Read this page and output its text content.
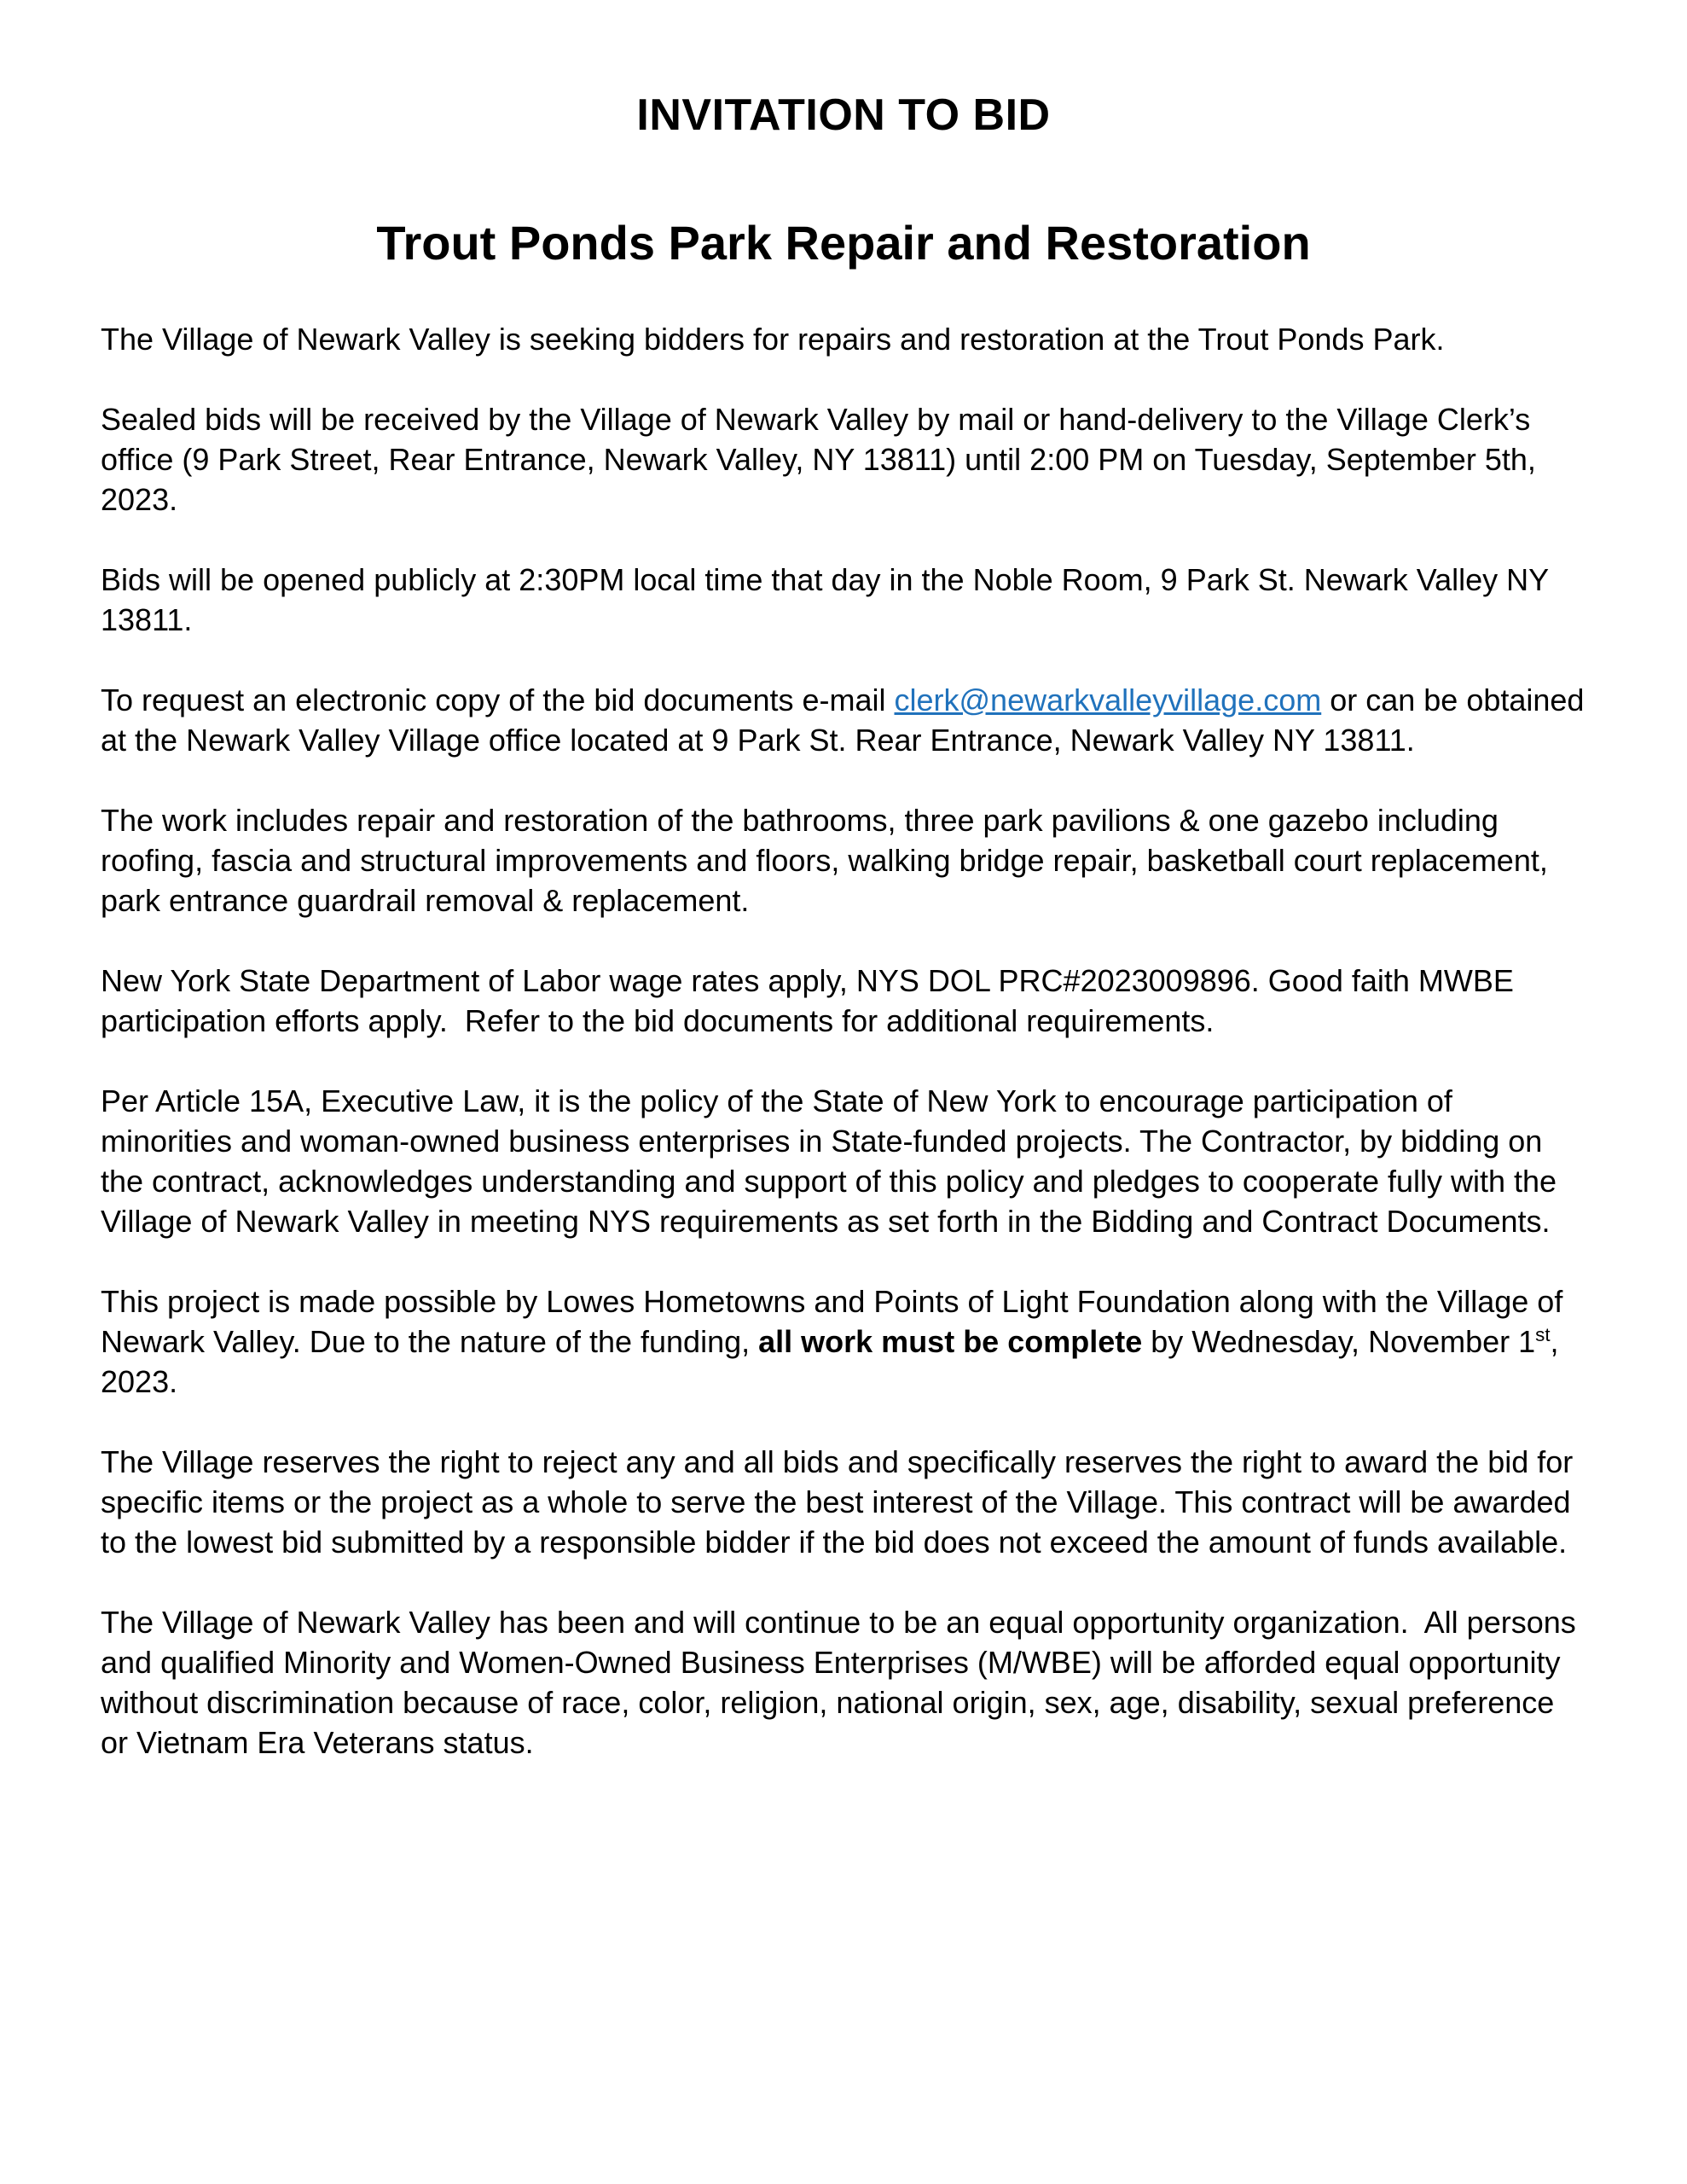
INVITATION TO BID
Trout Ponds Park Repair and Restoration

The Village of Newark Valley is seeking bidders for repairs and restoration at the Trout Ponds Park.

Sealed bids will be received by the Village of Newark Valley by mail or hand-delivery to the Village Clerk’s office (9 Park Street, Rear Entrance, Newark Valley, NY 13811) until 2:00 PM on Tuesday, September 5th, 2023.

Bids will be opened publicly at 2:30PM local time that day in the Noble Room, 9 Park St. Newark Valley NY 13811.

To request an electronic copy of the bid documents e-mail clerk@newarkvalleyvillage.com or can be obtained at the Newark Valley Village office located at 9 Park St. Rear Entrance, Newark Valley NY 13811.

The work includes repair and restoration of the bathrooms, three park pavilions & one gazebo including roofing, fascia and structural improvements and floors, walking bridge repair, basketball court replacement, park entrance guardrail removal & replacement.

New York State Department of Labor wage rates apply, NYS DOL PRC#2023009896. Good faith MWBE participation efforts apply.  Refer to the bid documents for additional requirements.

Per Article 15A, Executive Law, it is the policy of the State of New York to encourage participation of minorities and woman-owned business enterprises in State-funded projects. The Contractor, by bidding on the contract, acknowledges understanding and support of this policy and pledges to cooperate fully with the Village of Newark Valley in meeting NYS requirements as set forth in the Bidding and Contract Documents.

This project is made possible by Lowes Hometowns and Points of Light Foundation along with the Village of Newark Valley. Due to the nature of the funding, all work must be complete by Wednesday, November 1st, 2023.

The Village reserves the right to reject any and all bids and specifically reserves the right to award the bid for specific items or the project as a whole to serve the best interest of the Village. This contract will be awarded to the lowest bid submitted by a responsible bidder if the bid does not exceed the amount of funds available.

The Village of Newark Valley has been and will continue to be an equal opportunity organization.  All persons and qualified Minority and Women-Owned Business Enterprises (M/WBE) will be afforded equal opportunity without discrimination because of race, color, religion, national origin, sex, age, disability, sexual preference or Vietnam Era Veterans status.
